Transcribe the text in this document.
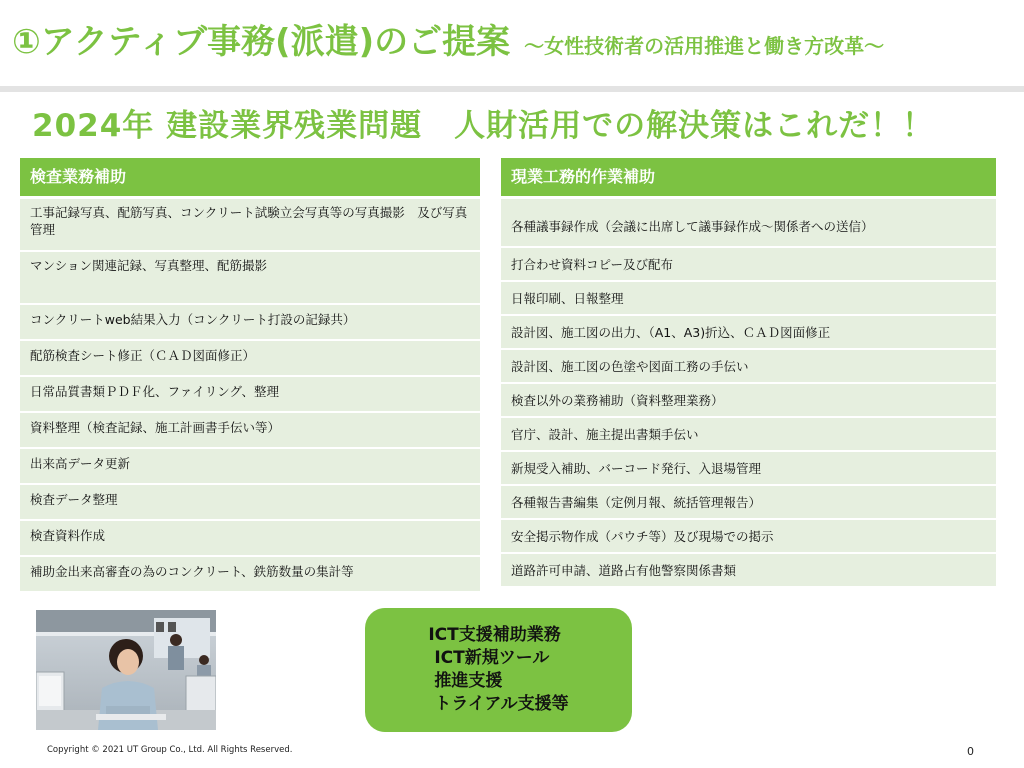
①アクティブ事務(派遣)のご提案 ～女性技術者の活用推進と働き方改革～
2024年 建設業界残業問題　人財活用での解決策はこれだ！！
検査業務補助
工事記録写真、配筋写真、コンクリート試験立会写真等の写真撮影　及び写真管理
マンション関連記録、写真整理、配筋撮影
コンクリートweb結果入力（コンクリート打設の記録共）
配筋検査シート修正（ＣＡＤ図面修正）
日常品質書類ＰＤＦ化、ファイリング、整理
資料整理（検査記録、施工計画書手伝い等）
出来高データ更新
検査データ整理
検査資料作成
補助金出来高審査の為のコンクリート、鉄筋数量の集計等
現業工務的作業補助
各種議事録作成（会議に出席して議事録作成～関係者への送信）
打合わせ資料コピー及び配布
日報印刷、日報整理
設計図、施工図の出力、（A1、A3)折込、ＣＡＤ図面修正
設計図、施工図の色塗や図面工務の手伝い
検査以外の業務補助（資料整理業務）
官庁、設計、施主提出書類手伝い
新規受入補助、バーコード発行、入退場管理
各種報告書編集（定例月報、統括管理報告）
安全掲示物作成（パウチ等）及び現場での掲示
道路許可申請、道路占有他警察関係書類
ICT支援補助業務
ICT新規ツール
推進支援
トライアル支援等
Copyright © 2021 UT Group Co., Ltd. All Rights Reserved.	0
